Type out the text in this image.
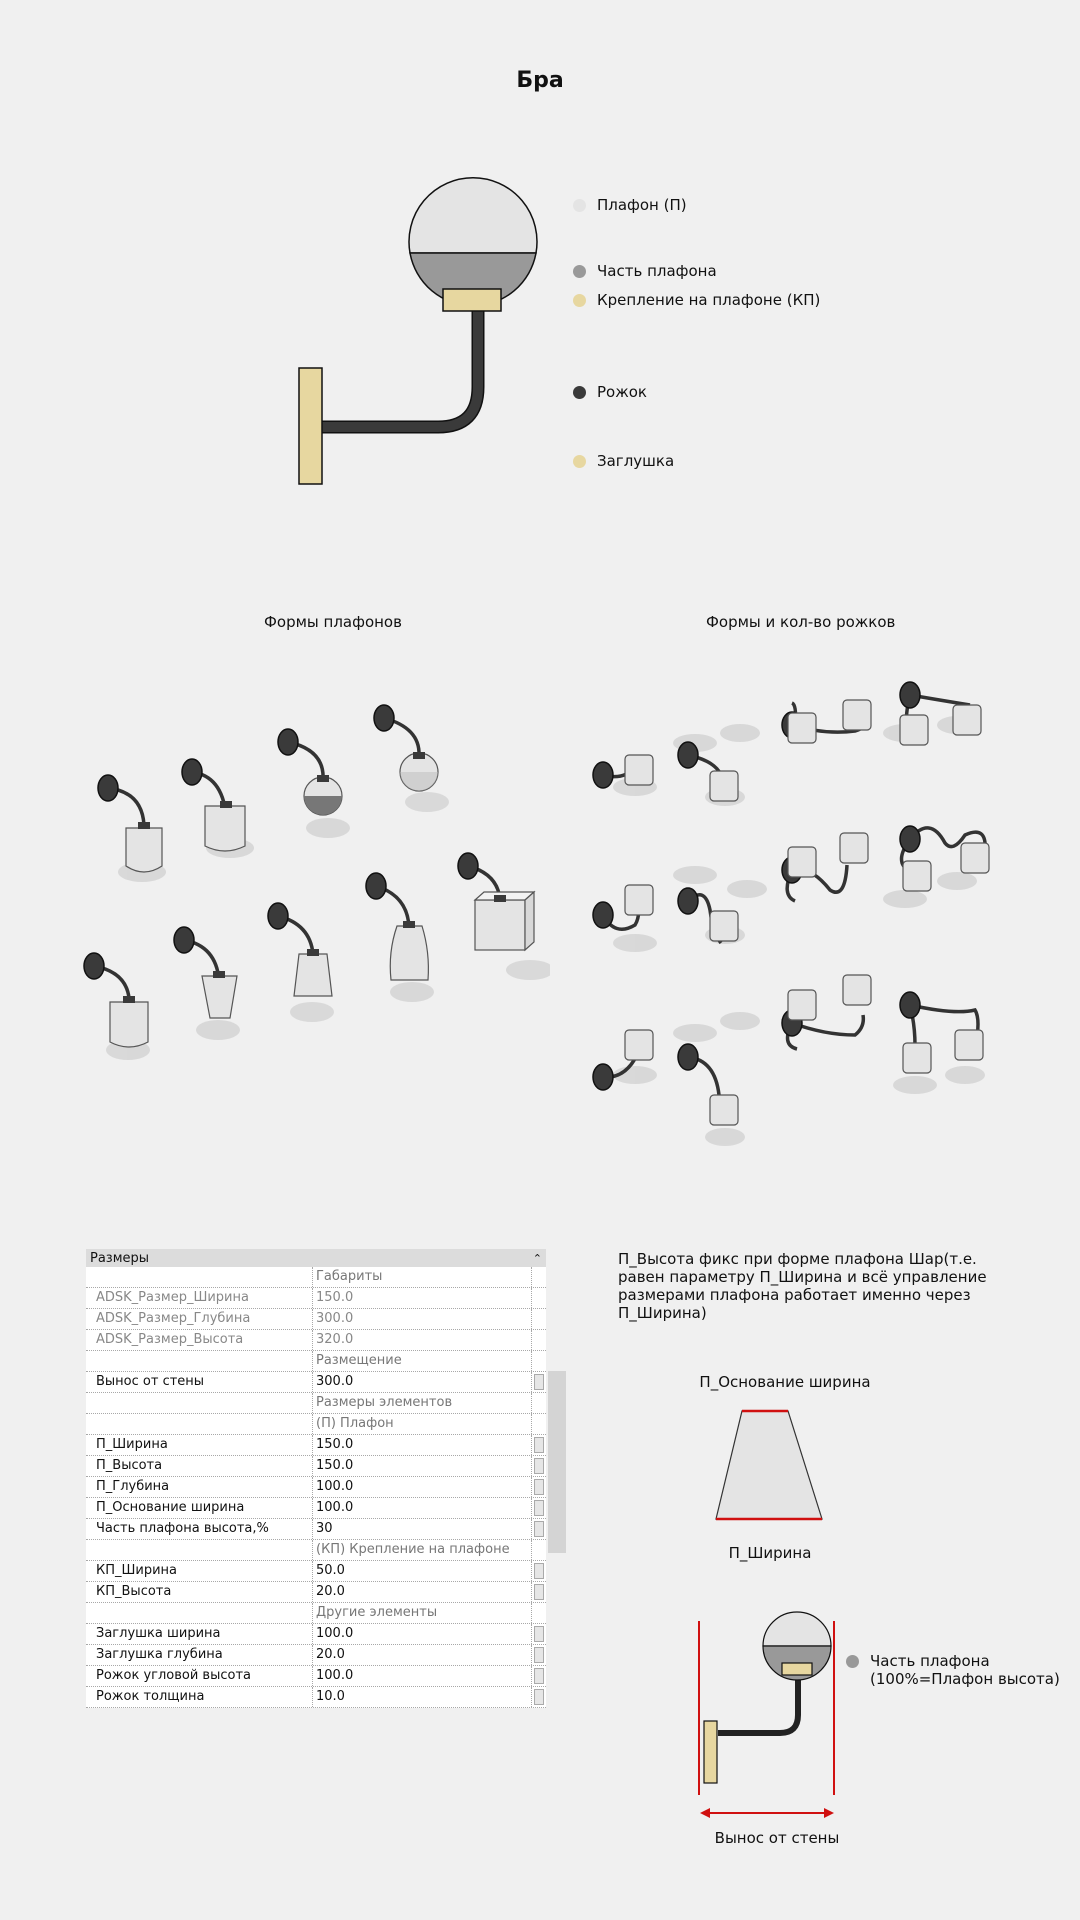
Бра
Плафон (П)
Часть плафона
Крепление на плафоне (КП)
Рожок
Заглушка
Формы плафонов	Формы и кол-во рожков
Размеры	⌃
Габариты
ADSK_Размер_Ширина	150.0
ADSK_Размер_Глубина	300.0
ADSK_Размер_Высота	320.0
Размещение
Вынос от стены	300.0
Размеры элементов
(П) Плафон
П_Ширина	150.0
П_Высота	150.0
П_Глубина	100.0
П_Основание ширина	100.0
Часть плафона высота,%	30
(КП) Крепление на плафоне
КП_Ширина	50.0
КП_Высота	20.0
Другие элементы
Заглушка ширина	100.0
Заглушка глубина	20.0
Рожок угловой высота	100.0
Рожок толщина	10.0
П_Высота фикс при форме плафона Шар(т.е. равен параметру П_Ширина и всё управление размерами плафона работает именно через П_Ширина)
П_Основание ширина
П_Ширина
Часть плафона
(100%=Плафон высота)
Вынос от стены
